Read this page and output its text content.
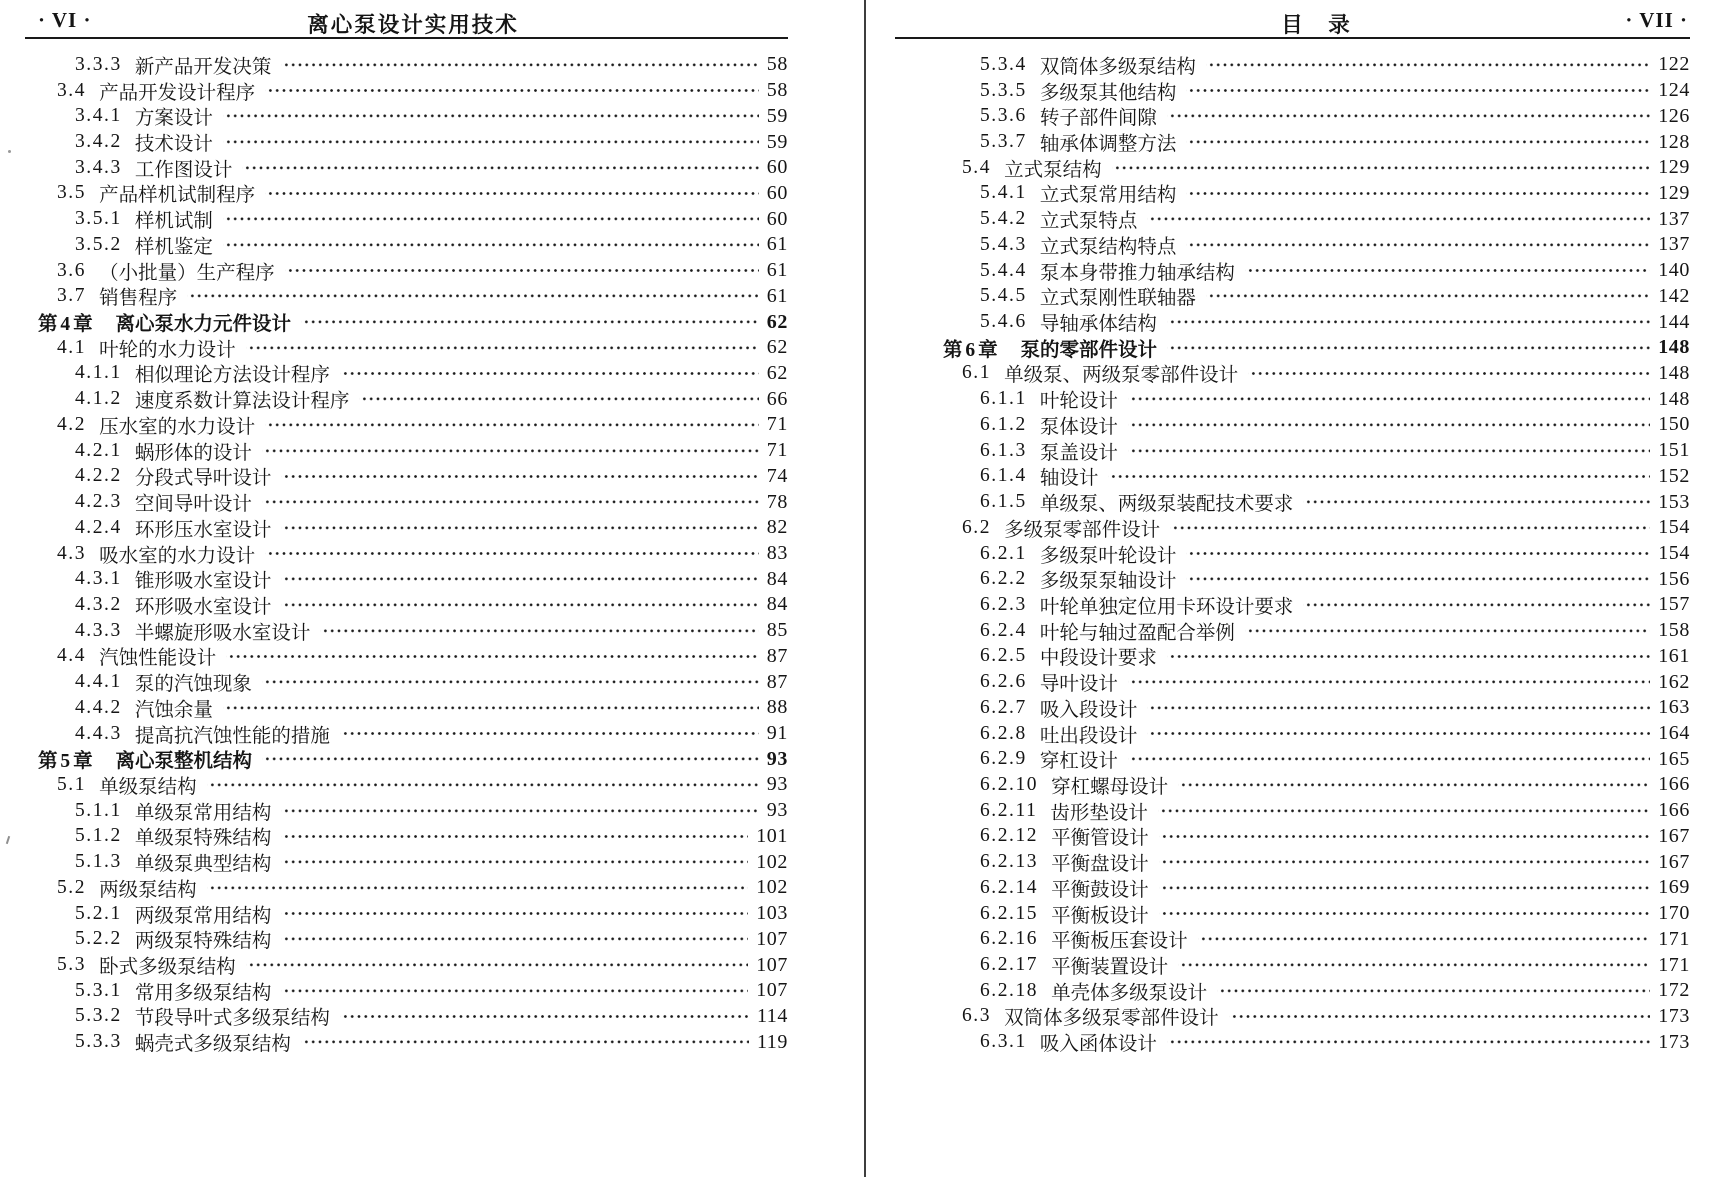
· VI ·	离心泵设计实用技术
3.3.3 新产品开发决策	58
3.4 产品开发设计程序	58
3.4.1 方案设计	59
3.4.2 技术设计	59
3.4.3 工作图设计	60
3.5 产品样机试制程序	60
3.5.1 样机试制	60
3.5.2 样机鉴定	61
3.6 （小批量）生产程序	61
3.7 销售程序	61
第4章 离心泵水力元件设计	62
4.1 叶轮的水力设计	62
4.1.1 相似理论方法设计程序	62
4.1.2 速度系数计算法设计程序	66
4.2 压水室的水力设计	71
4.2.1 蜗形体的设计	71
4.2.2 分段式导叶设计	74
4.2.3 空间导叶设计	78
4.2.4 环形压水室设计	82
4.3 吸水室的水力设计	83
4.3.1 锥形吸水室设计	84
4.3.2 环形吸水室设计	84
4.3.3 半螺旋形吸水室设计	85
4.4 汽蚀性能设计	87
4.4.1 泵的汽蚀现象	87
4.4.2 汽蚀余量	88
4.4.3 提高抗汽蚀性能的措施	91
第5章 离心泵整机结构	93
5.1 单级泵结构	93
5.1.1 单级泵常用结构	93
5.1.2 单级泵特殊结构	101
5.1.3 单级泵典型结构	102
5.2 两级泵结构	102
5.2.1 两级泵常用结构	103
5.2.2 两级泵特殊结构	107
5.3 卧式多级泵结构	107
5.3.1 常用多级泵结构	107
5.3.2 节段导叶式多级泵结构	114
5.3.3 蜗壳式多级泵结构	119
目　录	· VII ·
5.3.4 双筒体多级泵结构	122
5.3.5 多级泵其他结构	124
5.3.6 转子部件间隙	126
5.3.7 轴承体调整方法	128
5.4 立式泵结构	129
5.4.1 立式泵常用结构	129
5.4.2 立式泵特点	137
5.4.3 立式泵结构特点	137
5.4.4 泵本身带推力轴承结构	140
5.4.5 立式泵刚性联轴器	142
5.4.6 导轴承体结构	144
第6章 泵的零部件设计	148
6.1 单级泵、两级泵零部件设计	148
6.1.1 叶轮设计	148
6.1.2 泵体设计	150
6.1.3 泵盖设计	151
6.1.4 轴设计	152
6.1.5 单级泵、两级泵装配技术要求	153
6.2 多级泵零部件设计	154
6.2.1 多级泵叶轮设计	154
6.2.2 多级泵泵轴设计	156
6.2.3 叶轮单独定位用卡环设计要求	157
6.2.4 叶轮与轴过盈配合举例	158
6.2.5 中段设计要求	161
6.2.6 导叶设计	162
6.2.7 吸入段设计	163
6.2.8 吐出段设计	164
6.2.9 穿杠设计	165
6.2.10 穿杠螺母设计	166
6.2.11 齿形垫设计	166
6.2.12 平衡管设计	167
6.2.13 平衡盘设计	167
6.2.14 平衡鼓设计	169
6.2.15 平衡板设计	170
6.2.16 平衡板压套设计	171
6.2.17 平衡装置设计	171
6.2.18 单壳体多级泵设计	172
6.3 双筒体多级泵零部件设计	173
6.3.1 吸入函体设计	173
